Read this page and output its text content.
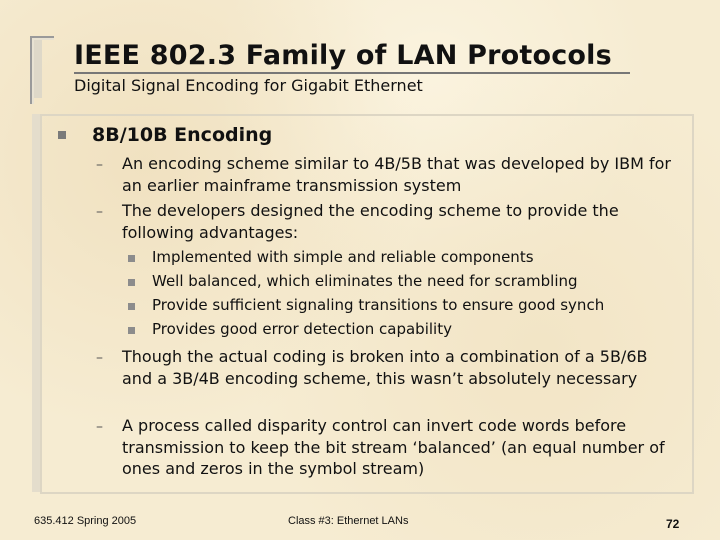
IEEE 802.3 Family of LAN Protocols
Digital Signal Encoding for Gigabit Ethernet
8B/10B Encoding
– An encoding scheme similar to 4B/5B that was developed by IBM for an earlier mainframe transmission system
– The developers designed the encoding scheme to provide the following advantages:
Implemented with simple and reliable components
Well balanced, which eliminates the need for scrambling
Provide sufficient signaling transitions to ensure good synch
Provides good error detection capability
– Though the actual coding is broken into a combination of a 5B/6B and a 3B/4B encoding scheme, this wasn’t absolutely necessary
– A process called disparity control can invert code words before transmission to keep the bit stream ‘balanced’ (an equal number of ones and zeros in the symbol stream)
635.412 Spring 2005	Class #3: Ethernet LANs	72
